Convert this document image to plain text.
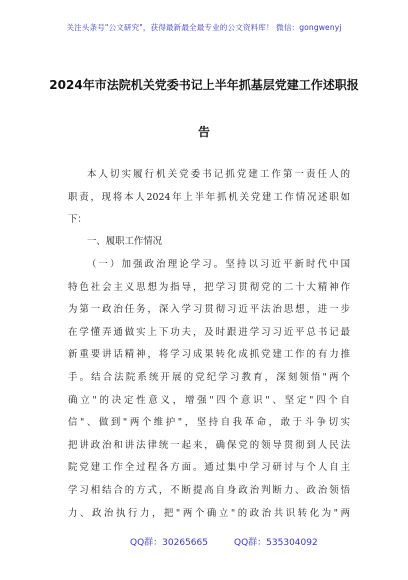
关注头条号"公文研究"，获得最新最全最专业的公文资料库！ 微信：gongwenyj
2024年市法院机关党委书记上半年抓基层党建工作述职报
告
本人切实履行机关党委书记抓党建工作第一责任人的
职责，现将本人2024年上半年抓机关党建工作情况述职如
下：
一、履职工作情况
（一）加强政治理论学习。坚持以习近平新时代中国
特色社会主义思想为指导，把学习贯彻党的二十大精神作
为第一政治任务，深入学习贯彻习近平法治思想，进一步
在学懂弄通做实上下功夫，及时跟进学习习近平总书记最
新重要讲话精神，将学习成果转化成抓党建工作的有力推
手。结合法院系统开展的党纪学习教育，深刻领悟"两个
确立"的决定性意义，增强"四个意识"、坚定"四个自
信"、做到"两个维护"，坚持自我革命，敢于斗争切实
把讲政治和讲法律统一起来，确保党的领导贯彻到人民法
院党建工作全过程各方面。通过集中学习研讨与个人自主
学习相结合的方式，不断提高自身政治判断力、政治领悟
力、政治执行力，把"两个确立"的政治共识转化为"两
QQ群：30265665	QQ群：535304092
